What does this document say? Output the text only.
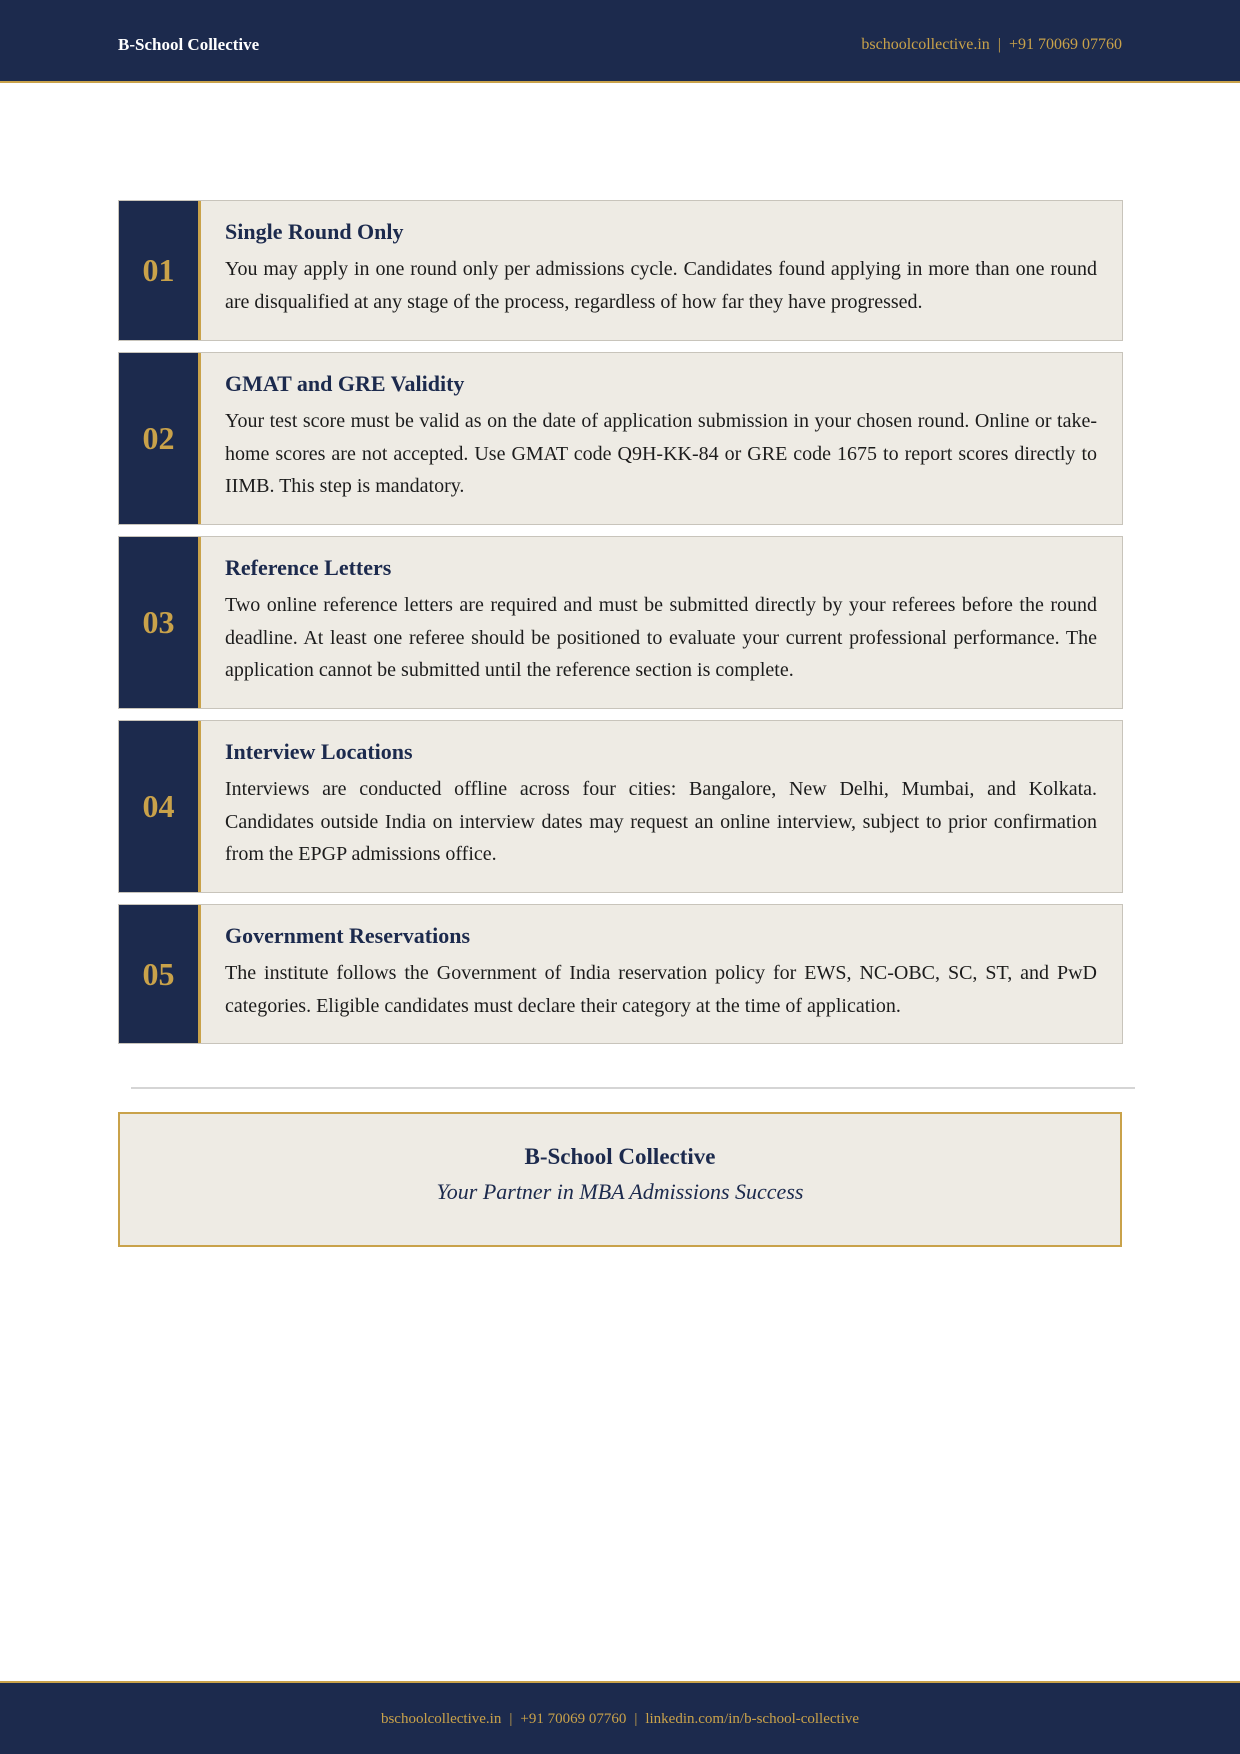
B-School Collective	bschoolcollective.in | +91 70069 07760
01
Single Round Only

You may apply in one round only per admissions cycle. Candidates found applying in more than one round are disqualified at any stage of the process, regardless of how far they have progressed.

02
GMAT and GRE Validity

Your test score must be valid as on the date of application submission in your chosen round. Online or take-home scores are not accepted. Use GMAT code Q9H-KK-84 or GRE code 1675 to report scores directly to IIMB. This step is mandatory.

03
Reference Letters

Two online reference letters are required and must be submitted directly by your referees before the round deadline. At least one referee should be positioned to evaluate your current professional performance. The application cannot be submitted until the reference section is complete.

04
Interview Locations

Interviews are conducted offline across four cities: Bangalore, New Delhi, Mumbai, and Kolkata. Candidates outside India on interview dates may request an online interview, subject to prior confirmation from the EPGP admissions office.

05
Government Reservations

The institute follows the Government of India reservation policy for EWS, NC-OBC, SC, ST, and PwD categories. Eligible candidates must declare their category at the time of application.

B-School Collective
Your Partner in MBA Admissions Success
bschoolcollective.in | +91 70069 07760 | linkedin.com/in/b-school-collective
